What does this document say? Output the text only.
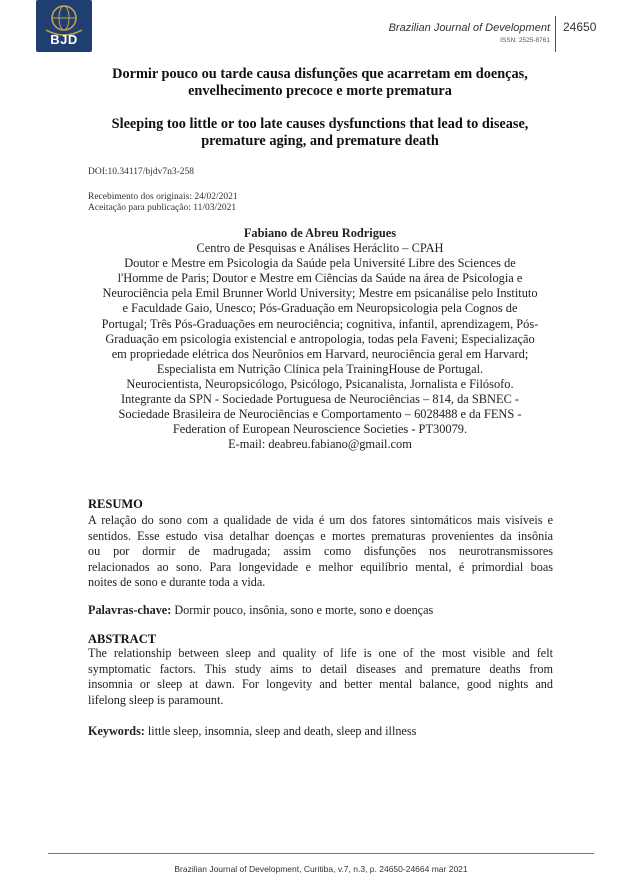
BJD
Brazilian Journal of Development
ISSN: 2525-8761
24650
Dormir pouco ou tarde causa disfunções que acarretam em doenças,
envelhecimento precoce e morte prematura
Sleeping too little or too late causes dysfunctions that lead to disease,
premature aging, and premature death
DOI:10.34117/bjdv7n3-258
Recebimento dos originais: 24/02/2021
Aceitação para publicação: 11/03/2021
Fabiano de Abreu Rodrigues
Centro de Pesquisas e Análises Heráclito – CPAH
Doutor e Mestre em Psicologia da Saúde pela Université Libre des Sciences de
l'Homme de Paris; Doutor e Mestre em Ciências da Saúde na área de Psicologia e
Neurociência pela Emil Brunner World University; Mestre em psicanálise pelo Instituto
e Faculdade Gaio, Unesco; Pós-Graduação em Neuropsicologia pela Cognos de
Portugal; Três Pós-Graduações em neurociência; cognitiva, infantil, aprendizagem, Pós-
Graduação em psicologia existencial e antropologia, todas pela Faveni; Especialização
em propriedade elétrica dos Neurônios em Harvard, neurociência geral em Harvard;
Especialista em Nutrição Clínica pela TrainingHouse de Portugal.
Neurocientista, Neuropsicólogo, Psicólogo, Psicanalista, Jornalista e Filósofo.
Integrante da SPN - Sociedade Portuguesa de Neurociências – 814, da SBNEC -
Sociedade Brasileira de Neurociências e Comportamento – 6028488 e da FENS -
Federation of European Neuroscience Societies - PT30079.
E-mail: deabreu.fabiano@gmail.com
RESUMO
A relação do sono com a qualidade de vida é um dos fatores sintomáticos mais visíveis e
sentidos. Esse estudo visa detalhar doenças e mortes prematuras provenientes da insônia
ou por dormir de madrugada; assim como disfunções nos neurotransmissores
relacionados ao sono. Para longevidade e melhor equilíbrio mental, é primordial boas
noites de sono e durante toda a vida.
Palavras-chave: Dormir pouco, insônia, sono e morte, sono e doenças
ABSTRACT
The relationship between sleep and quality of life is one of the most visible and felt
symptomatic factors. This study aims to detail diseases and premature deaths from
insomnia or sleep at dawn. For longevity and better mental balance, good nights and
lifelong sleep is paramount.
Keywords: little sleep, insomnia, sleep and death, sleep and illness
Brazilian Journal of Development, Curitiba, v.7, n.3, p. 24650-24664 mar 2021
